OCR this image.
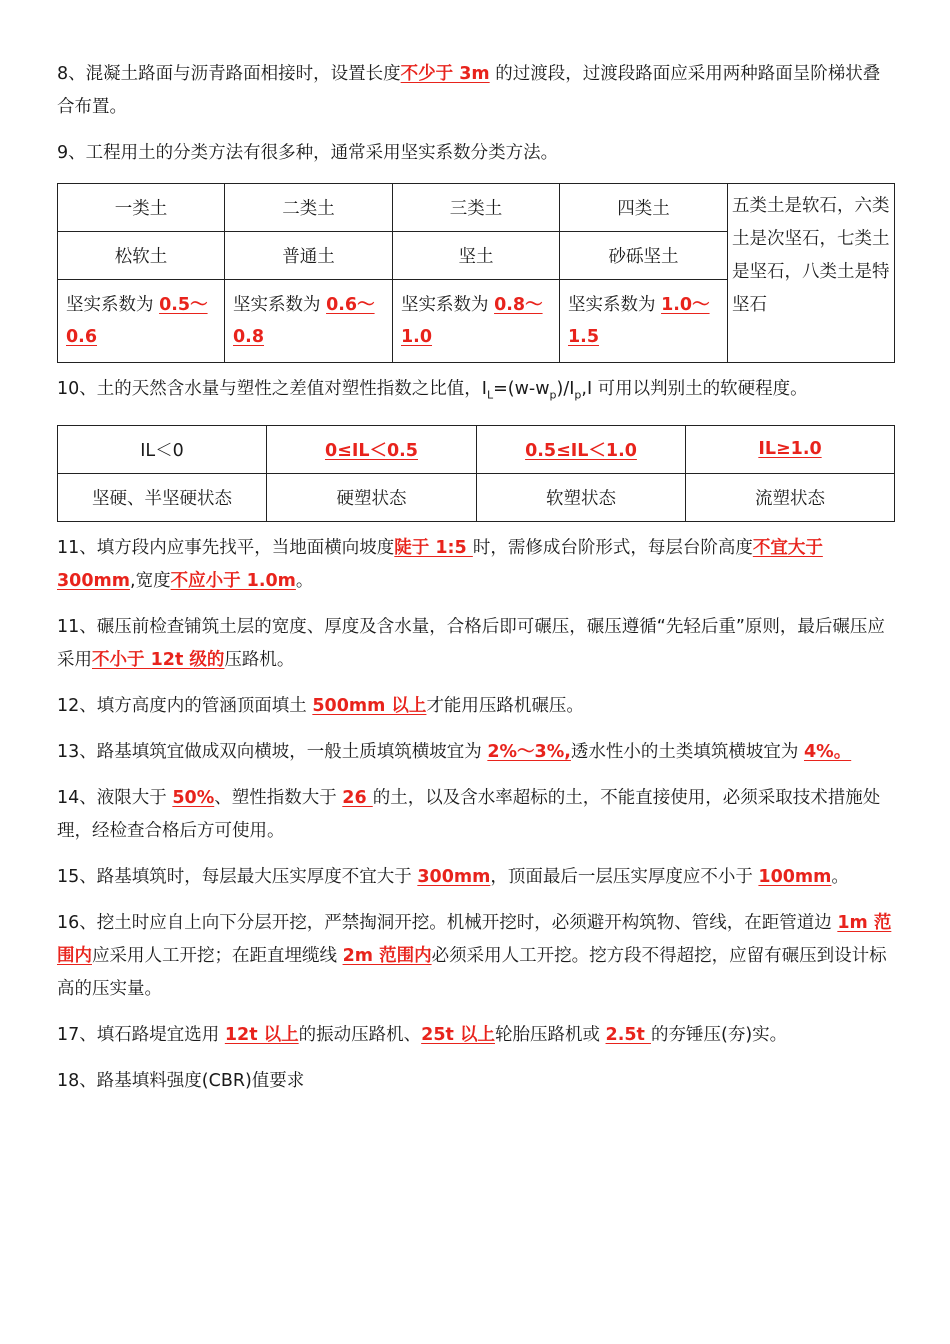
8、混凝土路面与沥青路面相接时，设置长度不少于 3m 的过渡段，过渡段路面应采用两种路面呈阶梯状叠合布置。

9、工程用土的分类方法有很多种，通常采用坚实系数分类方法。

一类土	二类土	三类土	四类土	五类土是软石，六类土是次坚石，七类土是坚石，八类土是特坚石
松软土	普通土	坚土	砂砾坚土	
坚实系数为 0.5～0.6	坚实系数为 0.6～0.8	坚实系数为 0.8～1.0	坚实系数为 1.0～1.5	

10、土的天然含水量与塑性之差值对塑性指数之比值，$I_L=(w-w_p)/I_p,I$ 可用以判别土的软硬程度。

IL＜0	0≤IL＜0.5	0.5≤IL＜1.0	IL≥1.0
坚硬、半坚硬状态	硬塑状态	软塑状态	流塑状态

11、填方段内应事先找平，当地面横向坡度陡于 1:5 时，需修成台阶形式，每层台阶高度不宜大于 300mm,宽度不应小于 1.0m。

11、碾压前检查铺筑土层的宽度、厚度及含水量，合格后即可碾压，碾压遵循“先轻后重”原则，最后碾压应采用不小于 12t 级的压路机。

12、填方高度内的管涵顶面填土 500mm 以上才能用压路机碾压。

13、路基填筑宜做成双向横坡，一般土质填筑横坡宜为 2%～3%,透水性小的土类填筑横坡宜为 4%。

14、液限大于 50%、塑性指数大于 26 的土，以及含水率超标的土，不能直接使用，必须采取技术措施处理，经检查合格后方可使用。

15、路基填筑时，每层最大压实厚度不宜大于 300mm，顶面最后一层压实厚度应不小于 100mm。

16、挖土时应自上向下分层开挖，严禁掏洞开挖。机械开挖时，必须避开构筑物、管线，在距管道边 1m 范围内应采用人工开挖；在距直埋缆线 2m 范围内必须采用人工开挖。挖方段不得超挖，应留有碾压到设计标高的压实量。

17、填石路堤宜选用 12t 以上的振动压路机、25t 以上轮胎压路机或 2.5t 的夯锤压(夯)实。

18、路基填料强度(CBR)值要求
